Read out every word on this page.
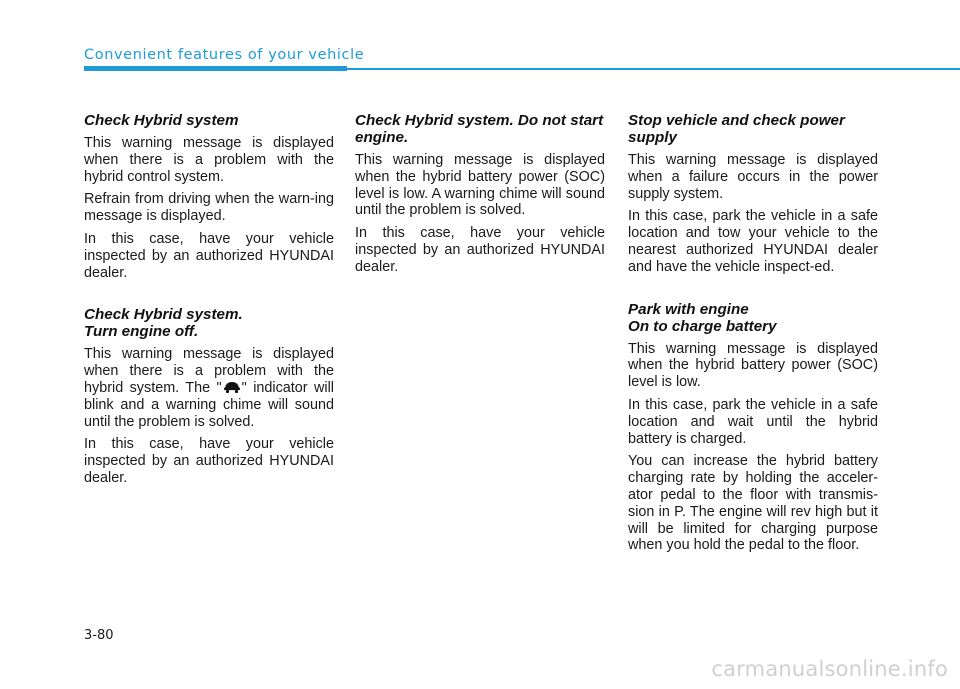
Convenient features of your vehicle
Check Hybrid system

This warning message is displayed when there is a problem with the hybrid control system.

Refrain from driving when the warn-ing message is displayed.

In this case, have your vehicle inspected by an authorized HYUNDAI dealer.

Check Hybrid system.
Turn engine off.

This warning message is displayed when there is a problem with the hybrid system. The " " indicator will blink and a warning chime will sound until the problem is solved.

In this case, have your vehicle inspected by an authorized HYUNDAI dealer.

Check Hybrid system. Do not start engine.

This warning message is displayed when the hybrid battery power (SOC) level is low. A warning chime will sound until the problem is solved.

In this case, have your vehicle inspected by an authorized HYUNDAI dealer.

Stop vehicle and check power supply

This warning message is displayed when a failure occurs in the power supply system.

In this case, park the vehicle in a safe location and tow your vehicle to the nearest authorized HYUNDAI dealer and have the vehicle inspect-ed.

Park with engine
On to charge battery

This warning message is displayed when the hybrid battery power (SOC) level is low.

In this case, park the vehicle in a safe location and wait until the hybrid battery is charged.

You can increase the hybrid battery charging rate by holding the acceler-ator pedal to the floor with transmis-sion in P. The engine will rev high but it will be limited for charging purpose when you hold the pedal to the floor.

3-80
carmanualsonline.info
